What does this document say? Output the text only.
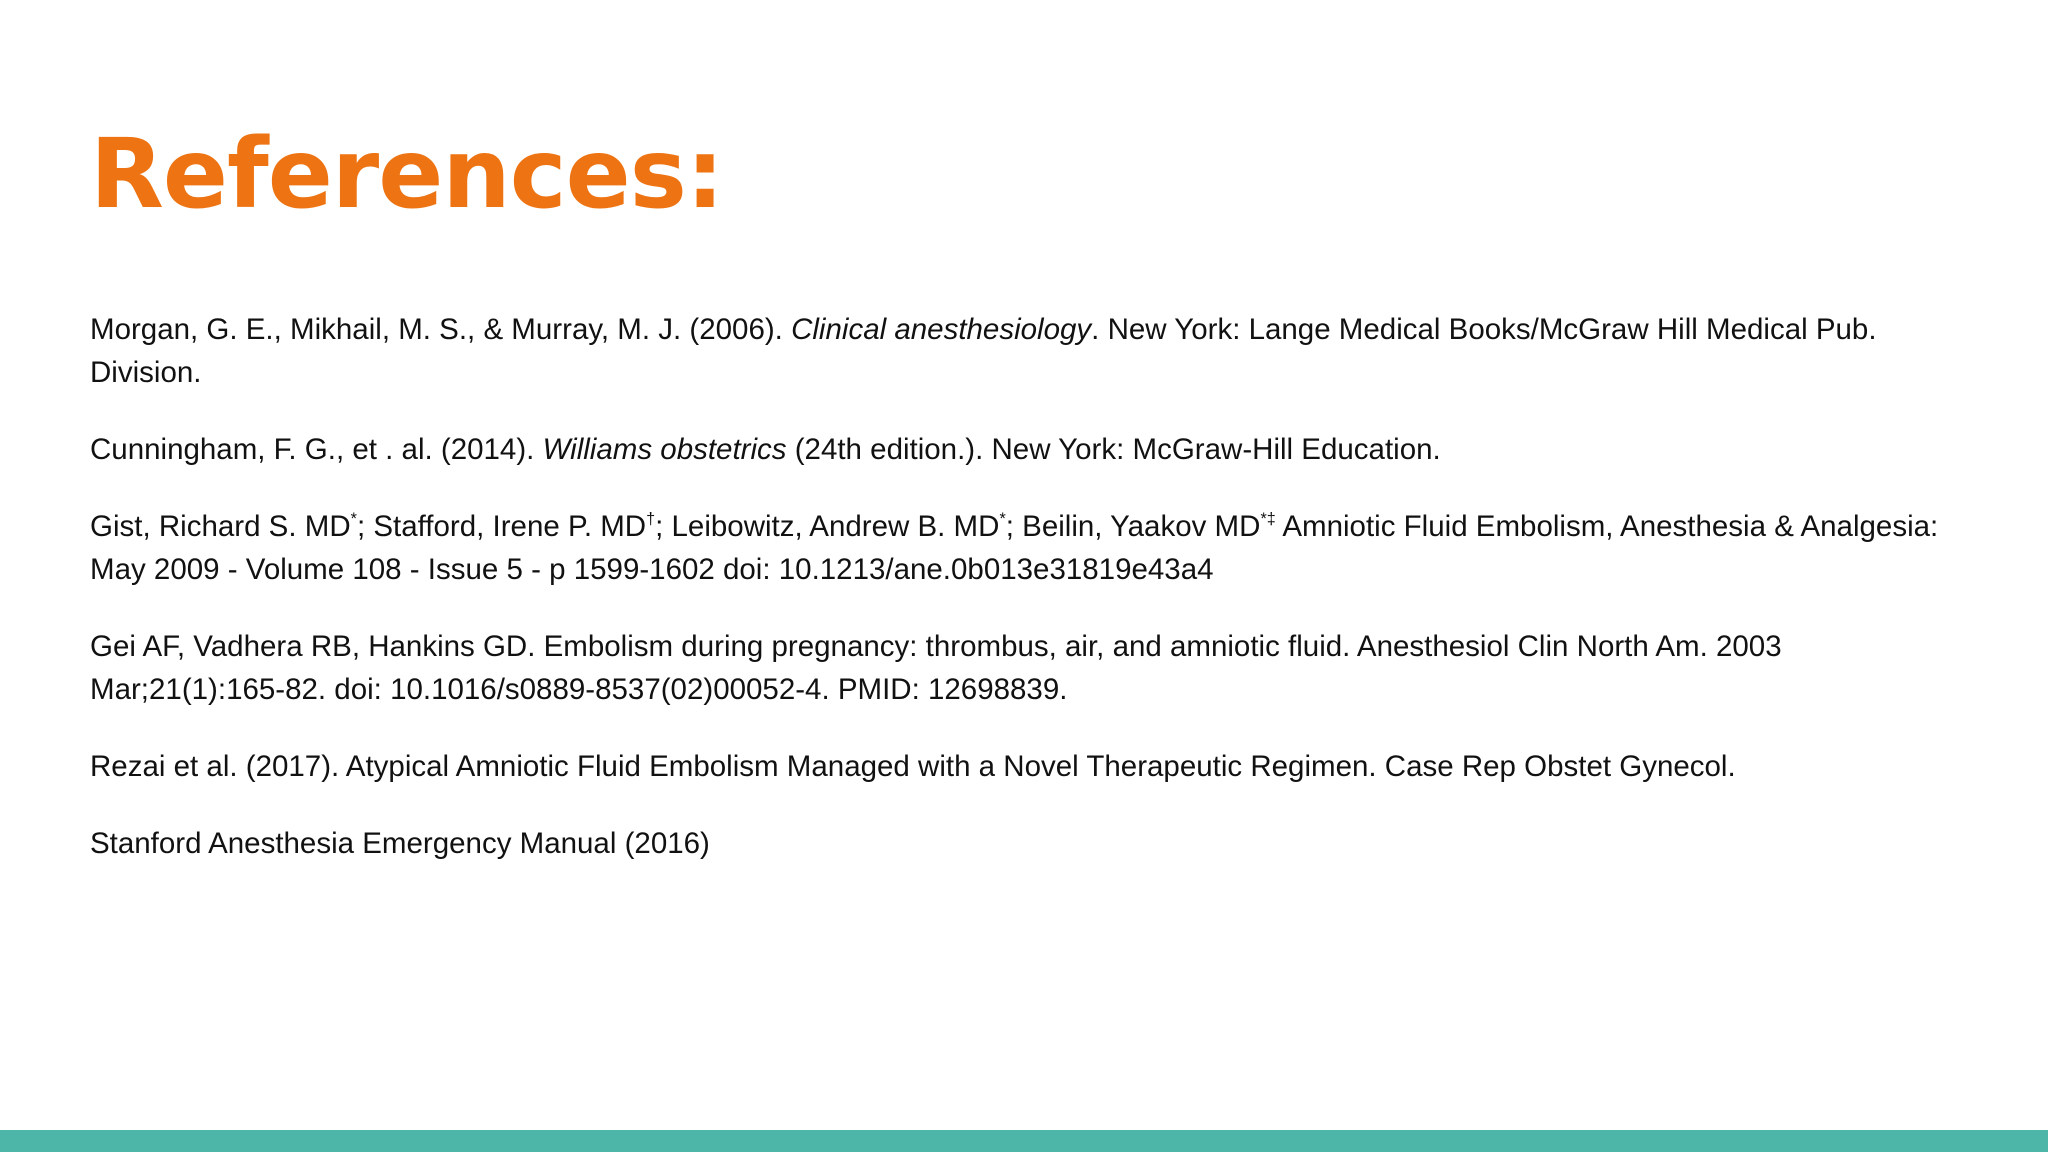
References:

Morgan, G. E., Mikhail, M. S., & Murray, M. J. (2006). Clinical anesthesiology. New York: Lange Medical Books/McGraw Hill Medical Pub. Division.

Cunningham, F. G., et . al. (2014). Williams obstetrics (24th edition.). New York: McGraw-Hill Education.

Gist, Richard S. MD*; Stafford, Irene P. MD†; Leibowitz, Andrew B. MD*; Beilin, Yaakov MD*‡ Amniotic Fluid Embolism, Anesthesia & Analgesia: May 2009 - Volume 108 - Issue 5 - p 1599-1602 doi: 10.1213/ane.0b013e31819e43a4

Gei AF, Vadhera RB, Hankins GD. Embolism during pregnancy: thrombus, air, and amniotic fluid. Anesthesiol Clin North Am. 2003 Mar;21(1):165-82. doi: 10.1016/s0889-8537(02)00052-4. PMID: 12698839.

Rezai et al. (2017). Atypical Amniotic Fluid Embolism Managed with a Novel Therapeutic Regimen. Case Rep Obstet Gynecol.

Stanford Anesthesia Emergency Manual (2016)
